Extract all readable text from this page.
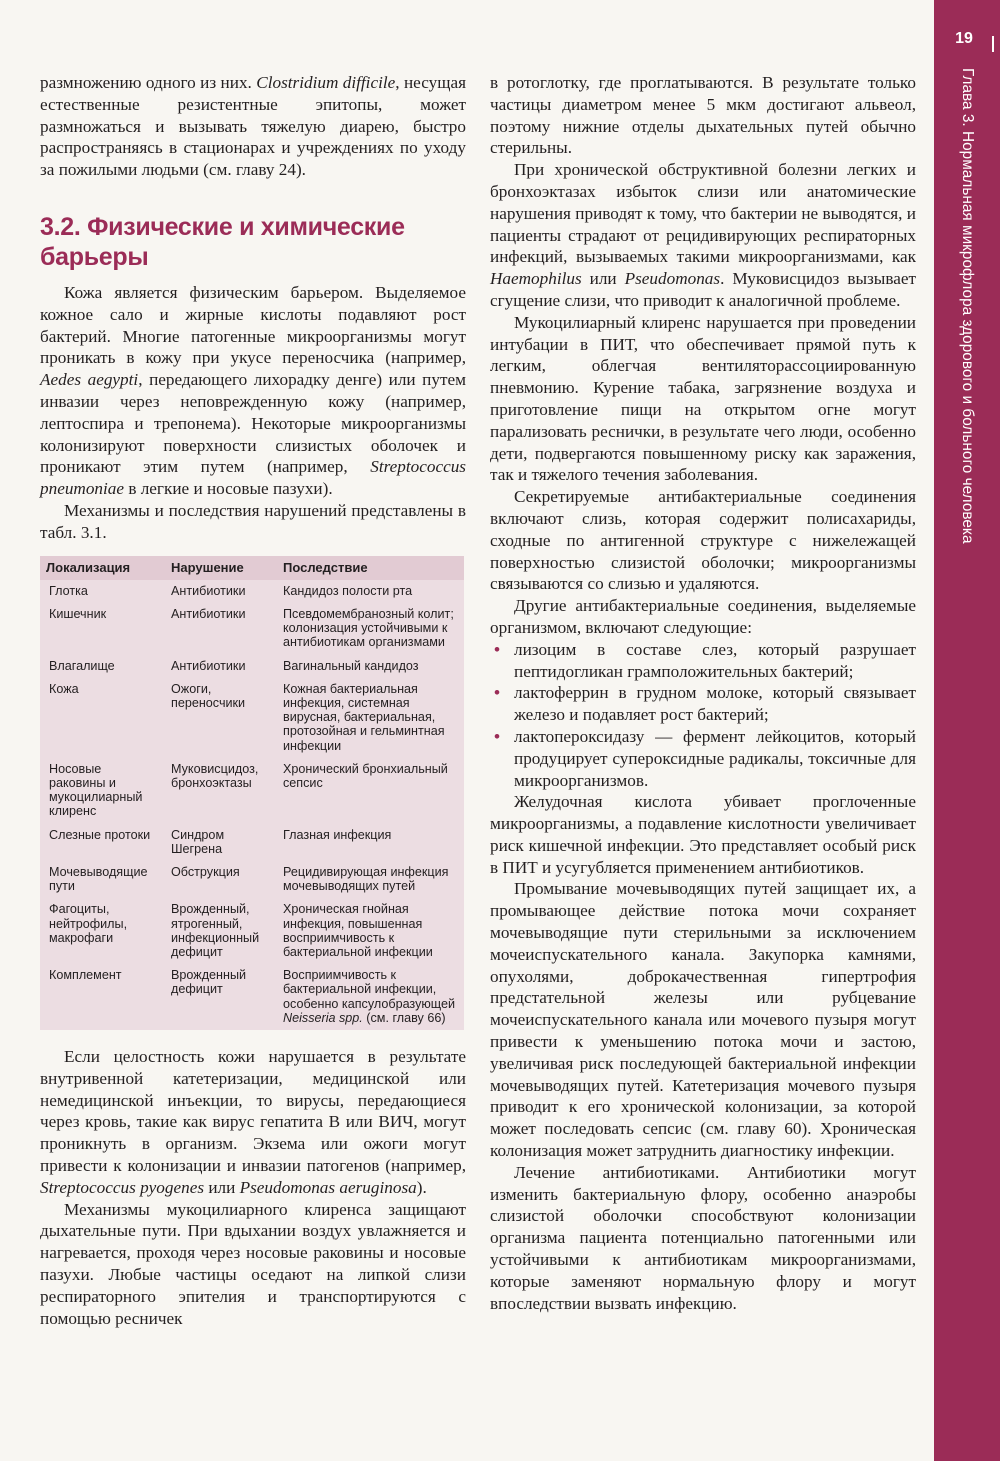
размножению одного из них. Clostridium difficile, несущая естественные резистентные эпитопы, может размножаться и вызывать тяжелую диарею, быстро распространяясь в стационарах и учреждениях по уходу за пожилыми людьми (см. главу 24).

3.2. Физические и химические барьеры

Кожа является физическим барьером. Выделяемое кожное сало и жирные кислоты подавляют рост бактерий. Многие патогенные микроорганизмы могут проникать в кожу при укусе переносчика (например, Aedes aegypti, передающего лихорадку денге) или путем инвазии через неповрежденную кожу (например, лептоспира и трепонема). Некоторые микроорганизмы колонизируют поверхности слизистых оболочек и проникают этим путем (например, Streptococcus pneumoniae в легкие и носовые пазухи).

Механизмы и последствия нарушений представлены в табл. 3.1.

Локализация	Нарушение	Последствие
Глотка	Антибиотики	Кандидоз полости рта
Кишечник	Антибиотики	Псевдомембранозный колит; колонизация устойчивыми к антибиотикам организмами
Влагалище	Антибиотики	Вагинальный кандидоз
Кожа	Ожоги, переносчики	Кожная бактериальная инфекция, системная вирусная, бактериальная, протозойная и гельминтная инфекции
Носовые раковины и мукоцилиарный клиренс	Муковисцидоз, бронхоэктазы	Хронический бронхиальный сепсис
Слезные протоки	Синдром Шегрена	Глазная инфекция
Мочевыводящие пути	Обструкция	Рецидивирующая инфекция мочевыводящих путей
Фагоциты, нейтрофилы, макрофаги	Врожденный, ятрогенный, инфекционный дефицит	Хроническая гнойная инфекция, повышенная восприимчивость к бактериальной инфекции
Комплемент	Врожденный дефицит	Восприимчивость к бактериальной инфекции, особенно капсулобразующей Neisseria spp. (см. главу 66)

Если целостность кожи нарушается в результате внутривенной катетеризации, медицинской или немедицинской инъекции, то вирусы, передающиеся через кровь, такие как вирус гепатита В или ВИЧ, могут проникнуть в организм. Экзема или ожоги могут привести к колонизации и инвазии патогенов (например, Streptococcus pyogenes или Pseudomonas aeruginosa).

Механизмы мукоцилиарного клиренса защищают дыхательные пути. При вдыхании воздух увлажняется и нагревается, проходя через носовые раковины и носовые пазухи. Любые частицы оседают на липкой слизи респираторного эпителия и транспортируются с помощью ресничек

в ротоглотку, где проглатываются. В результате только частицы диаметром менее 5 мкм достигают альвеол, поэтому нижние отделы дыхательных путей обычно стерильны.

При хронической обструктивной болезни легких и бронхоэктазах избыток слизи или анатомические нарушения приводят к тому, что бактерии не выводятся, и пациенты страдают от рецидивирующих респираторных инфекций, вызываемых такими микроорганизмами, как Haemophilus или Pseudomonas. Муковисцидоз вызывает сгущение слизи, что приводит к аналогичной проблеме.

Мукоцилиарный клиренс нарушается при проведении интубации в ПИТ, что обеспечивает прямой путь к легким, облегчая вентиляторассоциированную пневмонию. Курение табака, загрязнение воздуха и приготовление пищи на открытом огне могут парализовать реснички, в результате чего люди, особенно дети, подвергаются повышенному риску как заражения, так и тяжелого течения заболевания.

Секретируемые антибактериальные соединения включают слизь, которая содержит полисахариды, сходные по антигенной структуре с нижележащей поверхностью слизистой оболочки; микроорганизмы связываются со слизью и удаляются.

Другие антибактериальные соединения, выделяемые организмом, включают следующие:

• лизоцим в составе слез, который разрушает пептидогликан грамположительных бактерий;
• лактоферрин в грудном молоке, который связывает железо и подавляет рост бактерий;
• лактопероксидазу — фермент лейкоцитов, который продуцирует супероксидные радикалы, токсичные для микроорганизмов.

Желудочная кислота убивает проглоченные микроорганизмы, а подавление кислотности увеличивает риск кишечной инфекции. Это представляет особый риск в ПИТ и усугубляется применением антибиотиков.

Промывание мочевыводящих путей защищает их, а промывающее действие потока мочи сохраняет мочевыводящие пути стерильными за исключением мочеиспускательного канала. Закупорка камнями, опухолями, доброкачественная гипертрофия предстательной железы или рубцевание мочеиспускательного канала или мочевого пузыря могут привести к уменьшению потока мочи и застою, увеличивая риск последующей бактериальной инфекции мочевыводящих путей. Катетеризация мочевого пузыря приводит к его хронической колонизации, за которой может последовать сепсис (см. главу 60). Хроническая колонизация может затруднить диагностику инфекции.

Лечение антибиотиками. Антибиотики могут изменить бактериальную флору, особенно анаэробы слизистой оболочки способствуют колонизации организма пациента потенциально патогенными или устойчивыми к антибиотикам микроорганизмами, которые заменяют нормальную флору и могут впоследствии вызвать инфекцию.

19
Глава 3. Нормальная микрофлора здорового и больного человека
